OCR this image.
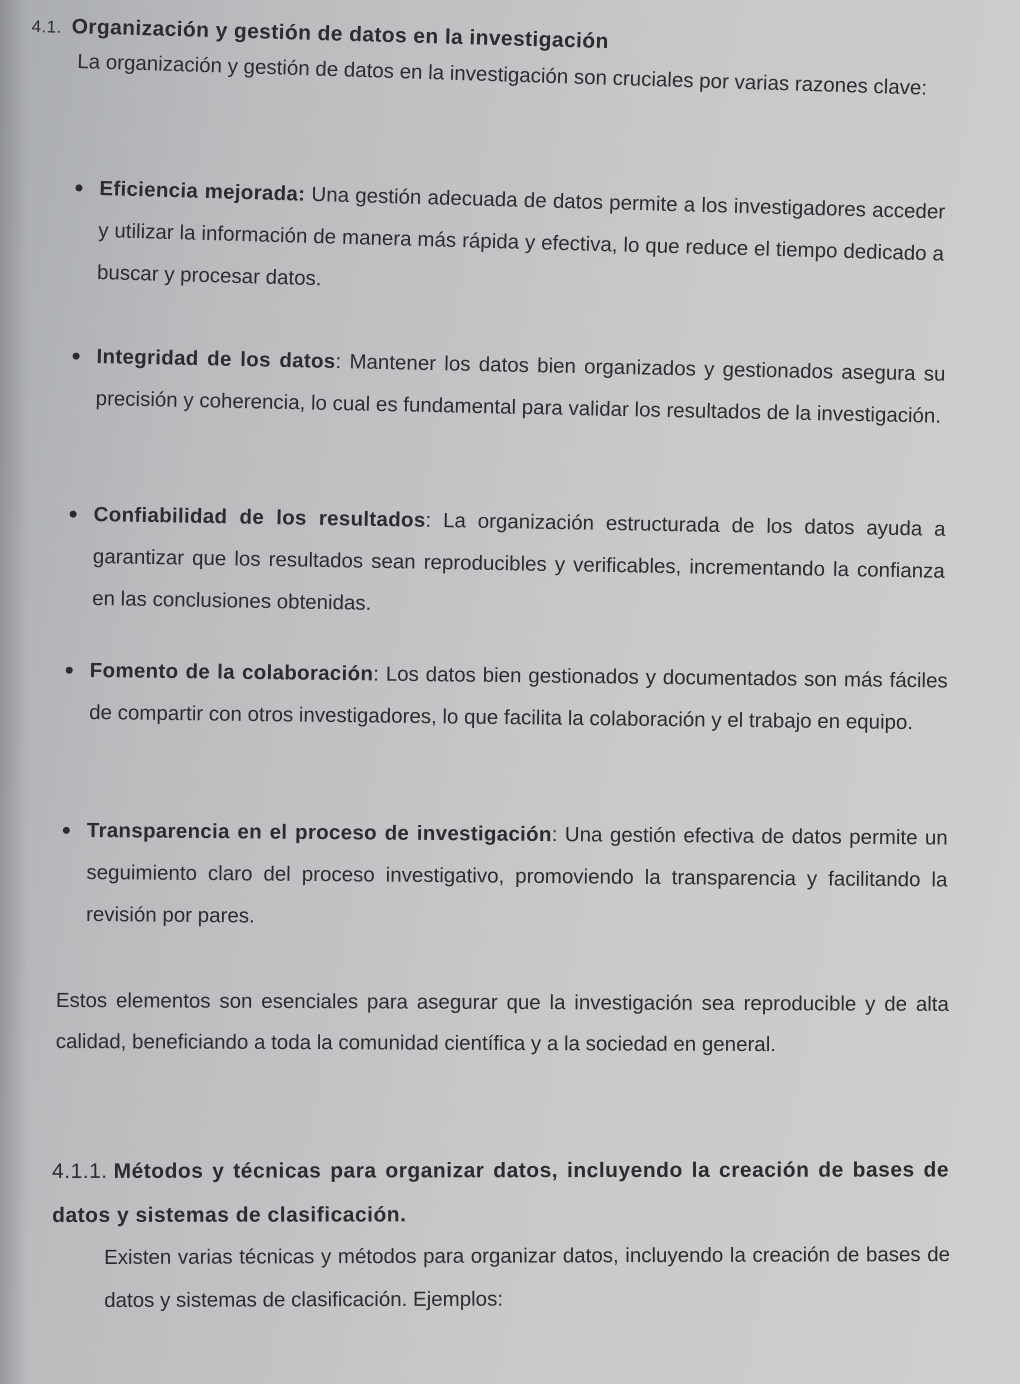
4.1. Organización y gestión de datos en la investigación

La organización y gestión de datos en la investigación son cruciales por varias razones clave:

Eficiencia mejorada: Una gestión adecuada de datos permite a los investigadores acceder y utilizar la información de manera más rápida y efectiva, lo que reduce el tiempo dedicado a buscar y procesar datos.
Integridad de los datos: Mantener los datos bien organizados y gestionados asegura su precisión y coherencia, lo cual es fundamental para validar los resultados de la investigación.
Confiabilidad de los resultados: La organización estructurada de los datos ayuda a garantizar que los resultados sean reproducibles y verificables, incrementando la confianza en las conclusiones obtenidas.
Fomento de la colaboración: Los datos bien gestionados y documentados son más fáciles de compartir con otros investigadores, lo que facilita la colaboración y el trabajo en equipo.
Transparencia en el proceso de investigación: Una gestión efectiva de datos permite un seguimiento claro del proceso investigativo, promoviendo la transparencia y facilitando la revisión por pares.

Estos elementos son esenciales para asegurar que la investigación sea reproducible y de alta calidad, beneficiando a toda la comunidad científica y a la sociedad en general.

4.1.1. Métodos y técnicas para organizar datos, incluyendo la creación de bases de datos y sistemas de clasificación.

Existen varias técnicas y métodos para organizar datos, incluyendo la creación de bases de datos y sistemas de clasificación. Ejemplos:
